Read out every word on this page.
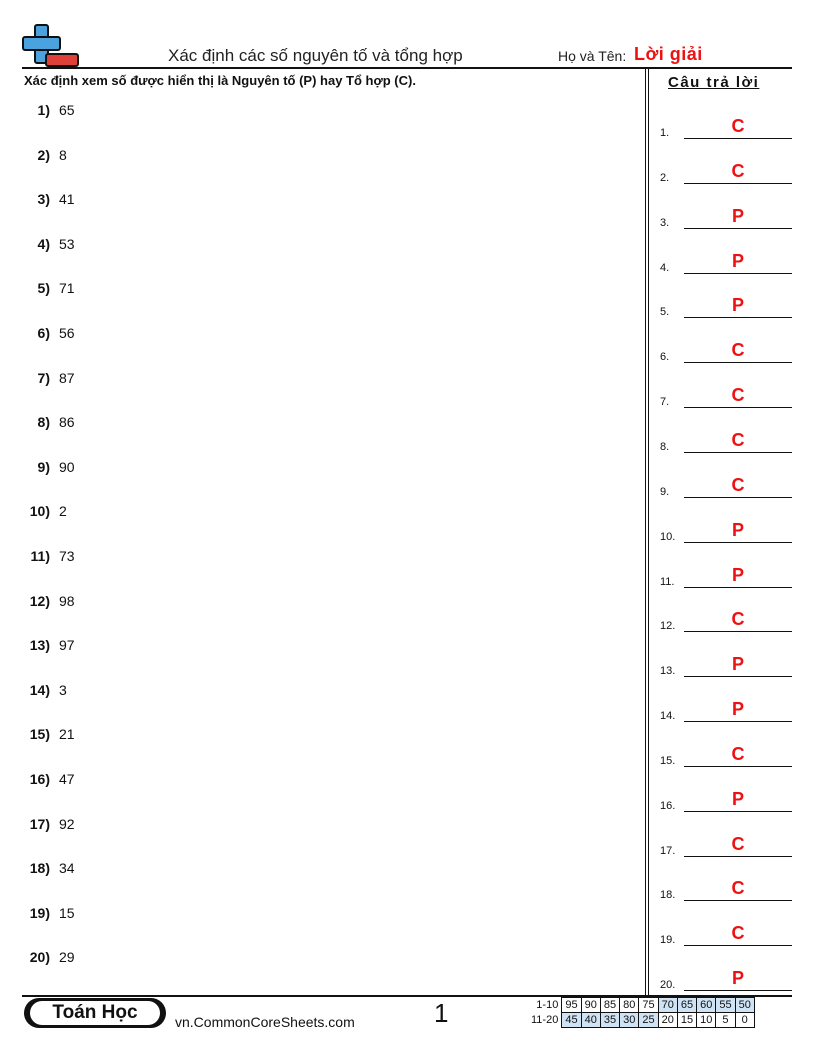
Xác định các số nguyên tố và tổng hợp	Họ và Tên: Lời giải
Xác định xem số được hiển thị là Nguyên tố (P) hay Tổ hợp (C).	Câu trả lời
1) 65
2) 8
3) 41
4) 53
5) 71
6) 56
7) 87
8) 86
9) 90
10) 2
11) 73
12) 98
13) 97
14) 3
15) 21
16) 47
17) 92
18) 34
19) 15
20) 29
1.	C
2.	C
3.	P
4.	P
5.	P
6.	C
7.	C
8.	C
9.	C
10.	P
11.	P
12.	C
13.	P
14.	P
15.	C
16.	P
17.	C
18.	C
19.	C
20.	P
Toán Học	vn.CommonCoreSheets.com	1	1-10	95	90	85	80	75	70	65	60	55	50
11-20	45	40	35	30	25	20	15	10	5	0
